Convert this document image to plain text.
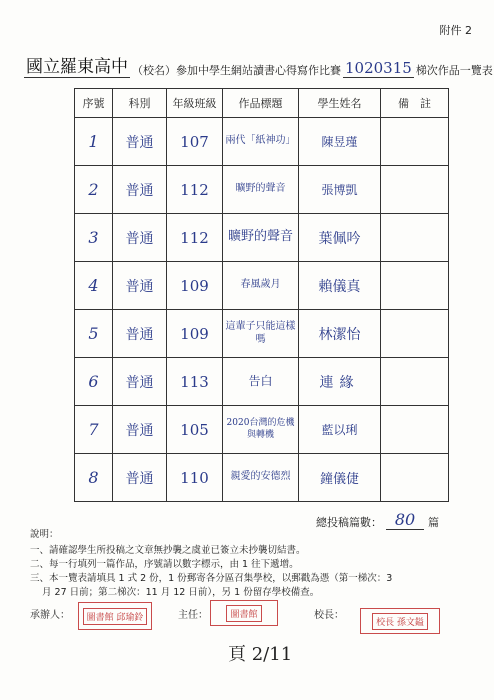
附件 2
國立羅東高中 （校名） 參加中學生網站讀書心得寫作比賽 1020315 梯次作品一覽表
序號	科別	年級班級	作品標題	學生姓名	備　註
1	普通	107	兩代「紙神功」	陳昱瑾	
2	普通	112	曠野的聲音	張博凱	
3	普通	112	曠野的聲音	葉佩吟	
4	普通	109	春風歲月	賴儀真	
5	普通	109	這輩子只能這樣嗎	林潔怡	
6	普通	113	告白	連緣	
7	普通	105	2020台灣的危機與轉機	藍以琍	
8	普通	110	親愛的安德烈	鐘儀倢	
總投稿篇數： 80	篇

說明：

一、請確認學生所投稿之文章無抄襲之虞並已簽立未抄襲切結書。

二、每一行填列一篇作品，序號請以數字標示，由 1 往下遞增。

三、本一覽表請填具 1 式 2 份，1 份郵寄各分區召集學校，以郵戳為憑（第一梯次：3

月 27 日前；第二梯次：11 月 12 日前），另 1 份留存學校備查。

承辦人：	圖書館 邱瑜鈴	主任：	圖書館	校長：
校長 孫文鎰
頁 2/11
